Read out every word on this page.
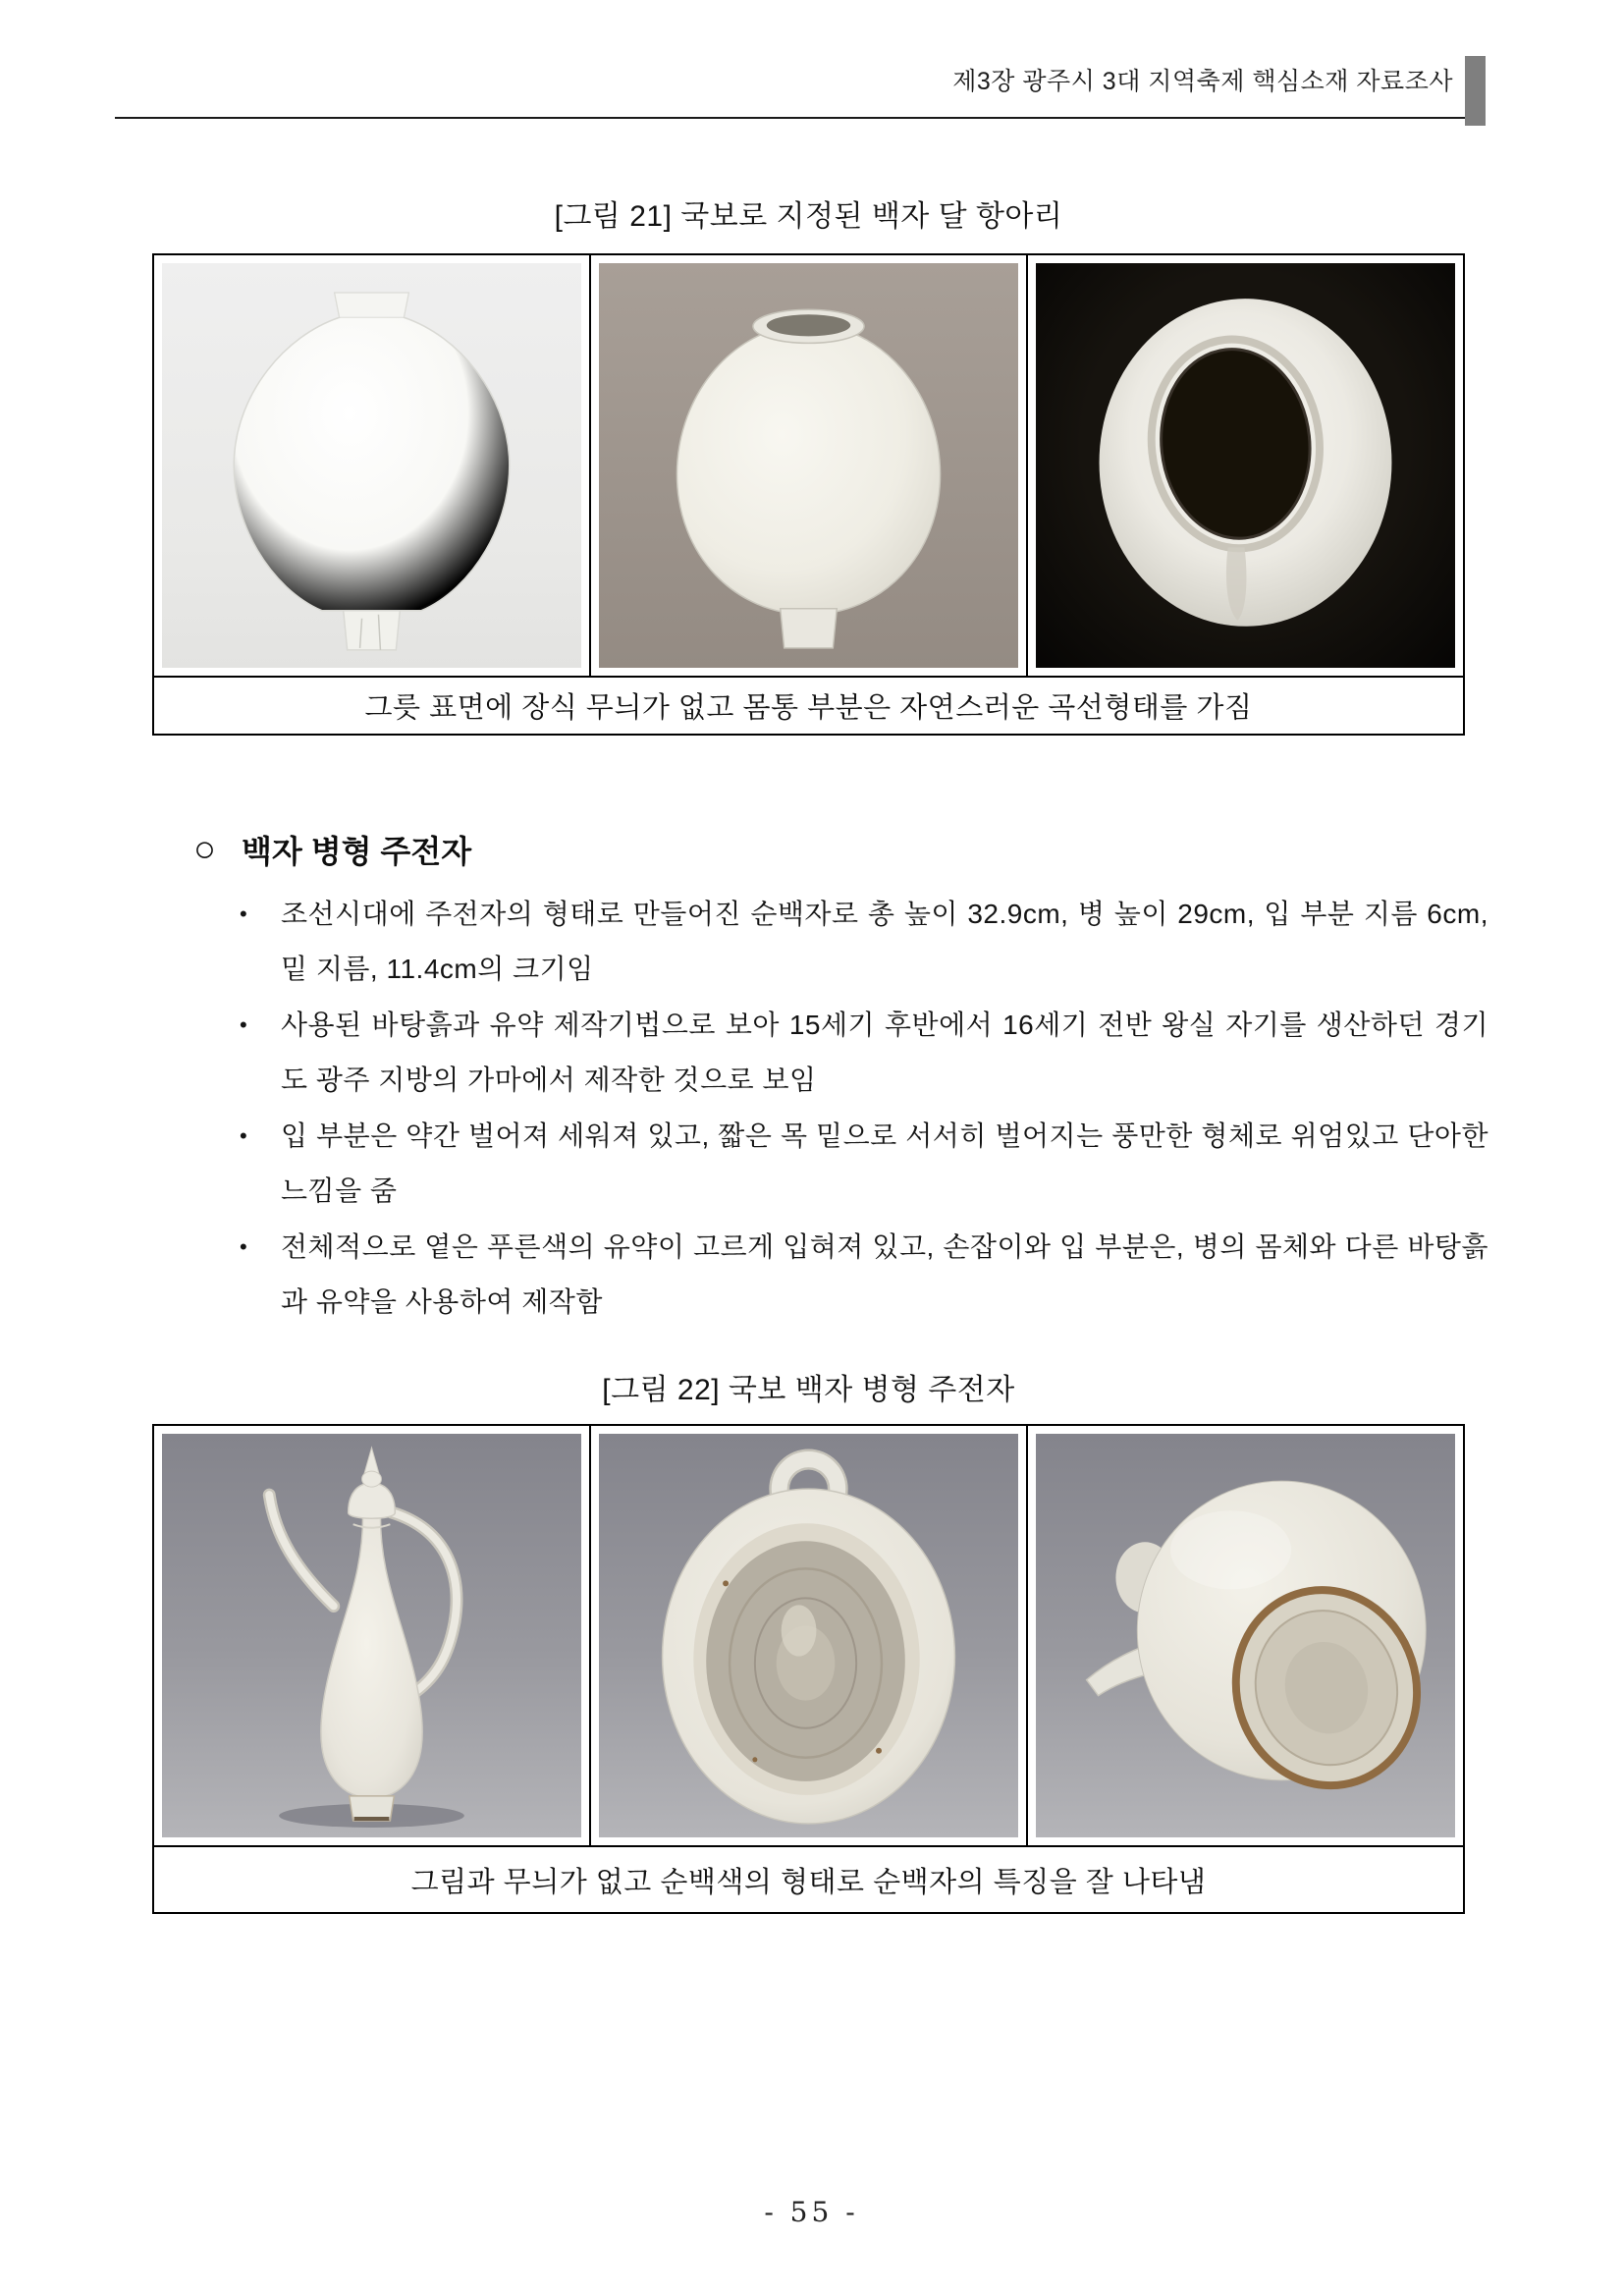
제3장 광주시 3대 지역축제 핵심소재 자료조사
[그림 21] 국보로 지정된 백자 달 항아리
그릇 표면에 장식 무늬가 없고 몸통 부분은 자연스러운 곡선형태를 가짐
○ 백자 병형 주전자
•	조선시대에 주전자의 형태로 만들어진 순백자로 총 높이 32.9cm, 병 높이 29cm, 입 부분 지름 6cm, 밑 지름, 11.4cm의 크기임
•	사용된 바탕흙과 유약 제작기법으로 보아 15세기 후반에서 16세기 전반 왕실 자기를 생산하던 경기도 광주 지방의 가마에서 제작한 것으로 보임
•	입 부분은 약간 벌어져 세워져 있고, 짧은 목 밑으로 서서히 벌어지는 풍만한 형체로 위엄있고 단아한 느낌을 줌
•	전체적으로 옅은 푸른색의 유약이 고르게 입혀져 있고, 손잡이와 입 부분은, 병의 몸체와 다른 바탕흙과 유약을 사용하여 제작함
[그림 22] 국보 백자 병형 주전자
그림과 무늬가 없고 순백색의 형태로 순백자의 특징을 잘 나타냄
- 55 -
